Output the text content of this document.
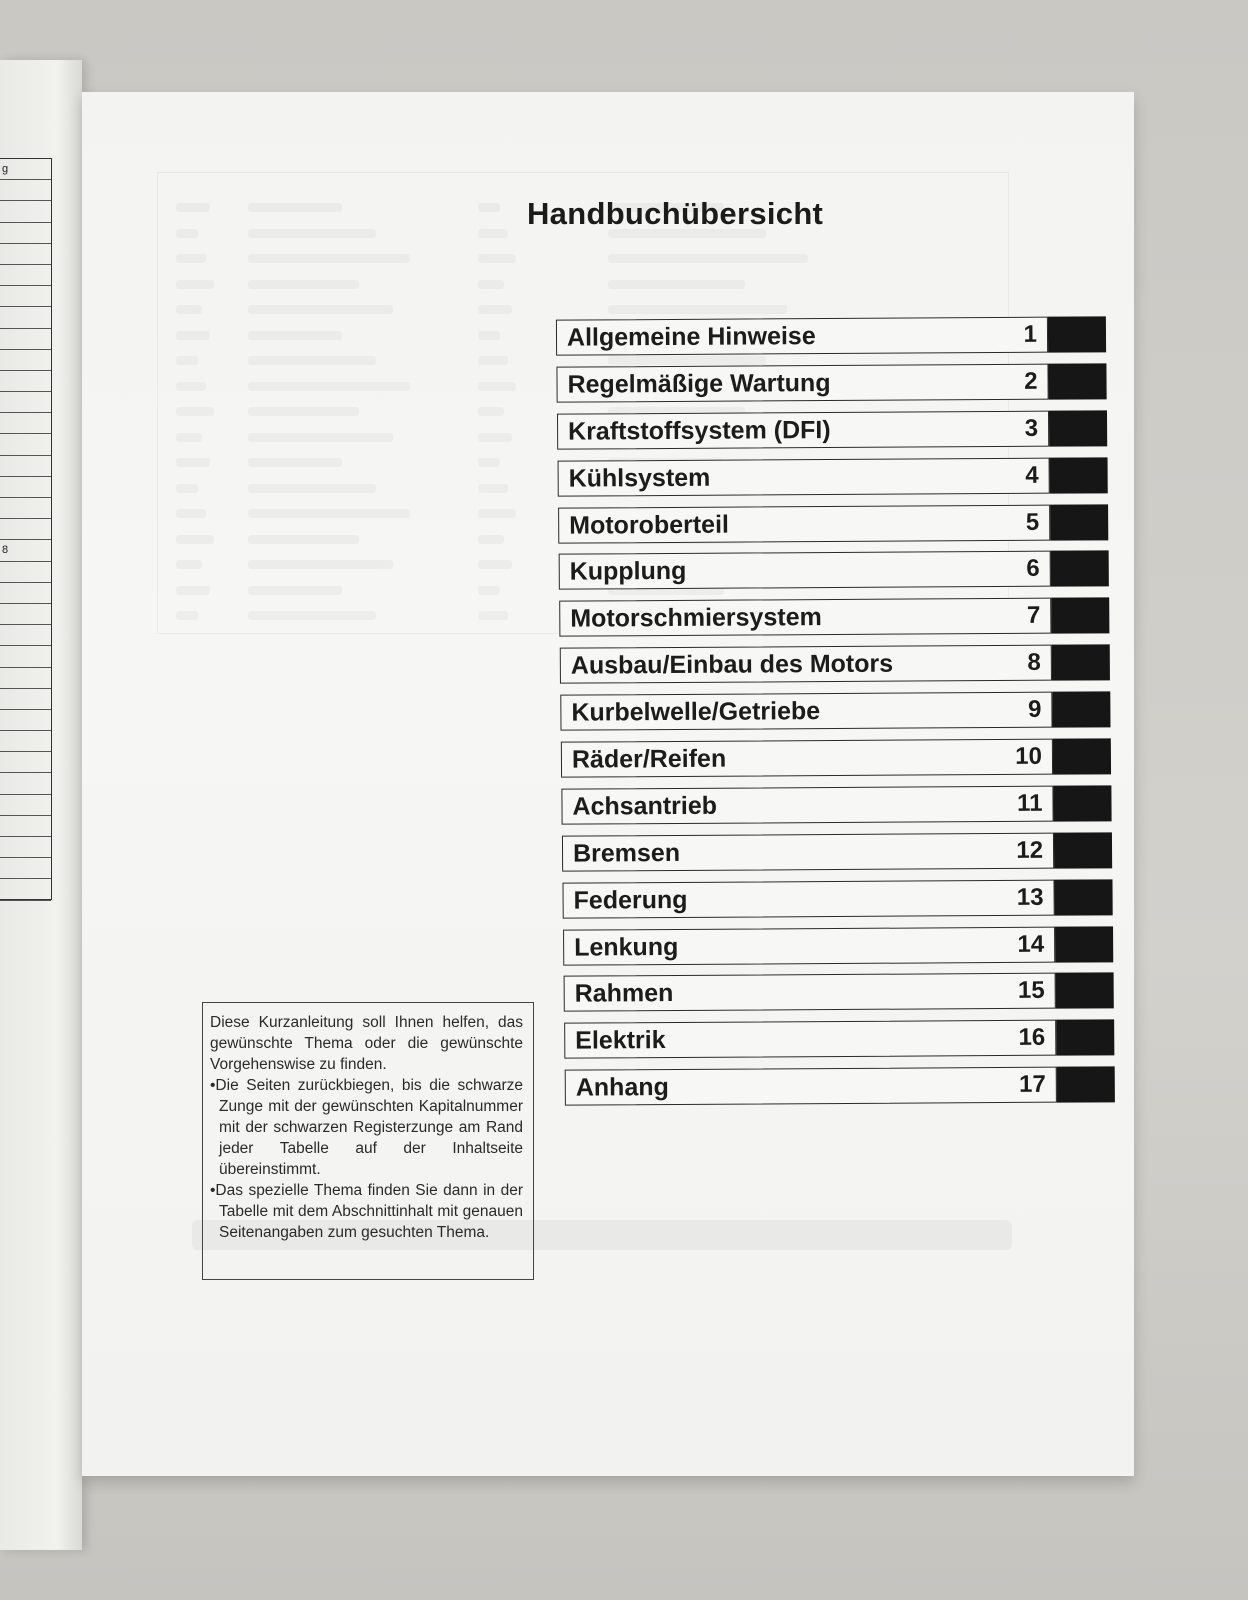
g
8
Handbuchübersicht
Allgemeine Hinweise	1
Regelmäßige Wartung	2
Kraftstoffsystem (DFI)	3
Kühlsystem	4
Motoroberteil	5
Kupplung	6
Motorschmiersystem	7
Ausbau/Einbau des Motors	8
Kurbelwelle/Getriebe	9
Räder/Reifen	10
Achsantrieb	11
Bremsen	12
Federung	13
Lenkung	14
Rahmen	15
Elektrik	16
Anhang	17

Diese Kurzanleitung soll Ihnen helfen, das gewünschte Thema oder die gewünschte Vorgehenswise zu finden.

•Die Seiten zurückbiegen, bis die schwarze Zunge mit der gewünschten Kapitalnummer mit der schwarzen Registerzunge am Rand jeder Tabelle auf der Inhaltseite übereinstimmt.

•Das spezielle Thema finden Sie dann in der Tabelle mit dem Abschnittinhalt mit genauen Seitenangaben zum gesuchten Thema.
